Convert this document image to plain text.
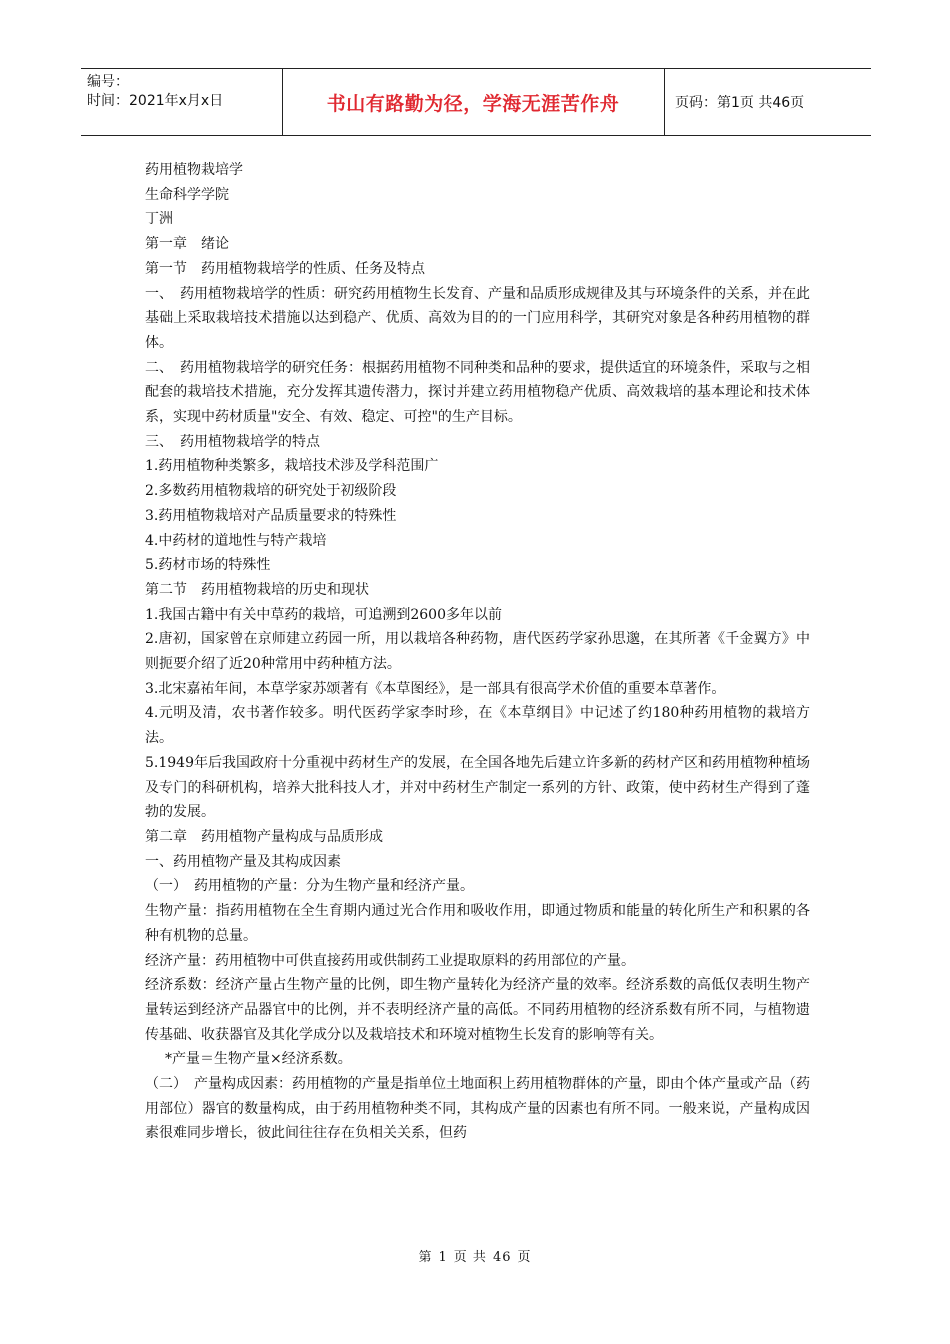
编号：
时间：2021年x月x日	书山有路勤为径，学海无涯苦作舟	页码：第1页 共46页

药用植物栽培学

生命科学学院

丁洲

第一章　绪论

第一节　药用植物栽培学的性质、任务及特点

一、　药用植物栽培学的性质：研究药用植物生长发育、产量和品质形成规律及其与环境条件的关系，并在此基础上采取栽培技术措施以达到稳产、优质、高效为目的的一门应用科学，其研究对象是各种药用植物的群体。

二、　药用植物栽培学的研究任务：根据药用植物不同种类和品种的要求，提供适宜的环境条件，采取与之相配套的栽培技术措施，充分发挥其遗传潜力，探讨并建立药用植物稳产优质、高效栽培的基本理论和技术体系，实现中药材质量"安全、有效、稳定、可控"的生产目标。

三、　药用植物栽培学的特点

1.药用植物种类繁多，栽培技术涉及学科范围广

2.多数药用植物栽培的研究处于初级阶段

3.药用植物栽培对产品质量要求的特殊性

4.中药材的道地性与特产栽培

5.药材市场的特殊性

第二节　药用植物栽培的历史和现状

1.我国古籍中有关中草药的栽培，可追溯到2600多年以前

2.唐初，国家曾在京师建立药园一所，用以栽培各种药物，唐代医药学家孙思邈，在其所著《千金翼方》中则扼要介绍了近20种常用中药种植方法。

3.北宋嘉祐年间，本草学家苏颂著有《本草图经》，是一部具有很高学术价值的重要本草著作。

4.元明及清，农书著作较多。明代医药学家李时珍，在《本草纲目》中记述了约180种药用植物的栽培方法。

5.1949年后我国政府十分重视中药材生产的发展，在全国各地先后建立许多新的药材产区和药用植物种植场及专门的科研机构，培养大批科技人才，并对中药材生产制定一系列的方针、政策，使中药材生产得到了蓬勃的发展。

第二章　药用植物产量构成与品质形成

一、药用植物产量及其构成因素

（一）　药用植物的产量：分为生物产量和经济产量。

生物产量：指药用植物在全生育期内通过光合作用和吸收作用，即通过物质和能量的转化所生产和积累的各种有机物的总量。

经济产量：药用植物中可供直接药用或供制药工业提取原料的药用部位的产量。

经济系数：经济产量占生物产量的比例，即生物产量转化为经济产量的效率。经济系数的高低仅表明生物产量转运到经济产品器官中的比例，并不表明经济产量的高低。不同药用植物的经济系数有所不同，与植物遗传基础、收获器官及其化学成分以及栽培技术和环境对植物生长发育的影响等有关。

*产量＝生物产量×经济系数。

（二）　产量构成因素：药用植物的产量是指单位土地面积上药用植物群体的产量，即由个体产量或产品（药用部位）器官的数量构成，由于药用植物种类不同，其构成产量的因素也有所不同。一般来说，产量构成因素很难同步增长，彼此间往往存在负相关关系，但药

第 1 页 共 46 页
